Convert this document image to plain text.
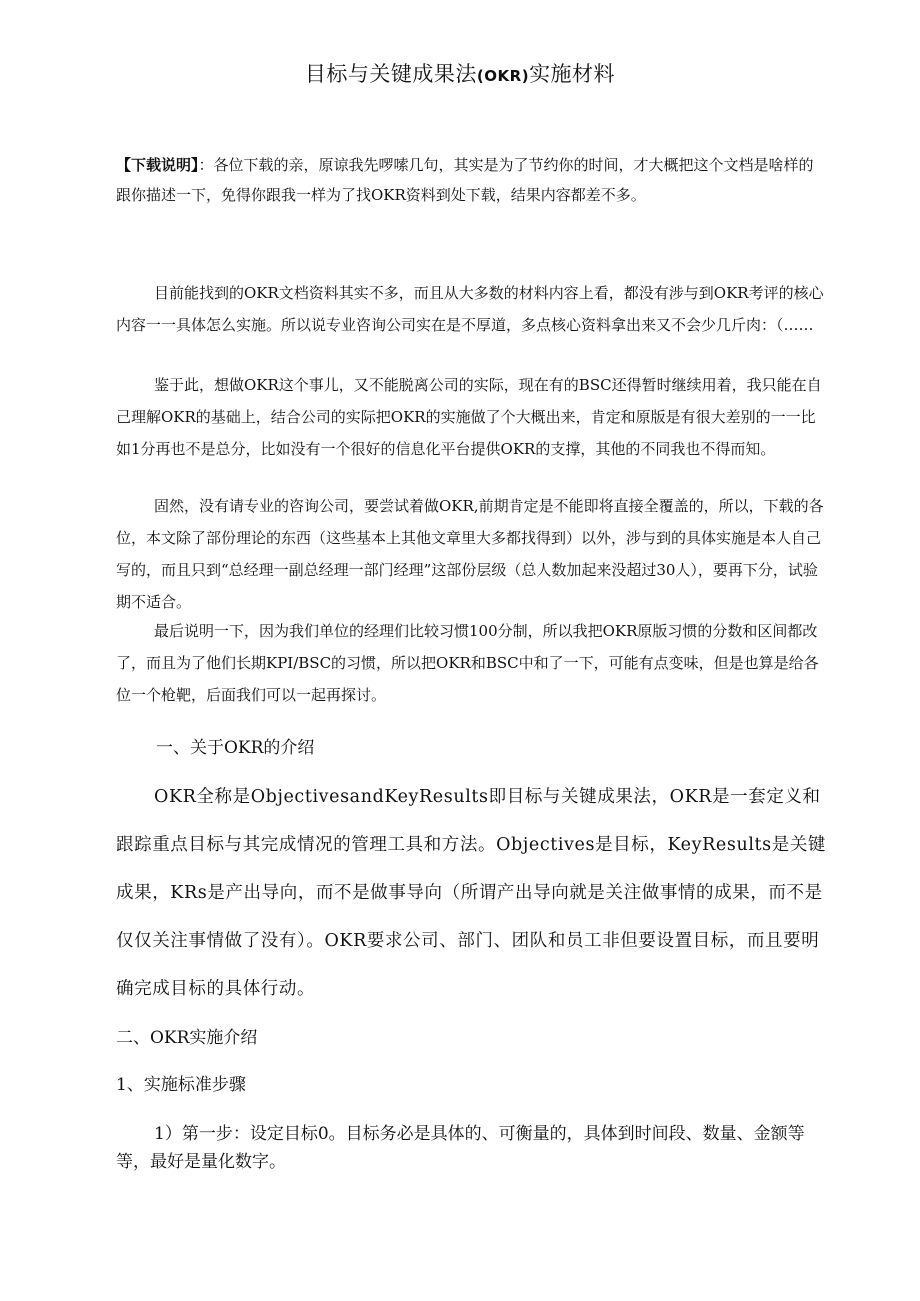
目标与关键成果法(OKR)实施材料

【下载说明】：各位下载的亲，原谅我先啰嗦几句，其实是为了节约你的时间，才大概把这个文档是啥样的跟你描述一下，免得你跟我一样为了找OKR资料到处下载，结果内容都差不多。

目前能找到的OKR文档资料其实不多，而且从大多数的材料内容上看，都没有涉与到OKR考评的核心内容一一具体怎么实施。所以说专业咨询公司实在是不厚道，多点核心资料拿出来又不会少几斤肉：（……

鉴于此，想做OKR这个事儿，又不能脱离公司的实际，现在有的BSC还得暂时继续用着，我只能在自己理解OKR的基础上，结合公司的实际把OKR的实施做了个大概出来，肯定和原版是有很大差别的一一比如1分再也不是总分，比如没有一个很好的信息化平台提供OKR的支撑，其他的不同我也不得而知。

固然，没有请专业的咨询公司，要尝试着做OKR,前期肯定是不能即将直接全覆盖的，所以，下载的各位，本文除了部份理论的东西（这些基本上其他文章里大多都找得到）以外，涉与到的具体实施是本人自己写的，而且只到“总经理一副总经理一部门经理”这部份层级（总人数加起来没超过30人），要再下分，试验期不适合。

最后说明一下，因为我们单位的经理们比较习惯100分制，所以我把OKR原版习惯的分数和区间都改了，而且为了他们长期KPI/BSC的习惯，所以把OKR和BSC中和了一下，可能有点变味，但是也算是给各位一个枪靶，后面我们可以一起再探讨。

一、关于OKR的介绍

OKR全称是ObjectivesandKeyResults即目标与关键成果法，OKR是一套定义和跟踪重点目标与其完成情况的管理工具和方法。Objectives是目标，KeyResults是关键成果，KRs是产出导向，而不是做事导向（所谓产出导向就是关注做事情的成果，而不是仅仅关注事情做了没有）。OKR要求公司、部门、团队和员工非但要设置目标，而且要明确完成目标的具体行动。

二、OKR实施介绍
1、实施标准步骤

1）第一步：设定目标0。目标务必是具体的、可衡量的，具体到时间段、数量、金额等等，最好是量化数字。
